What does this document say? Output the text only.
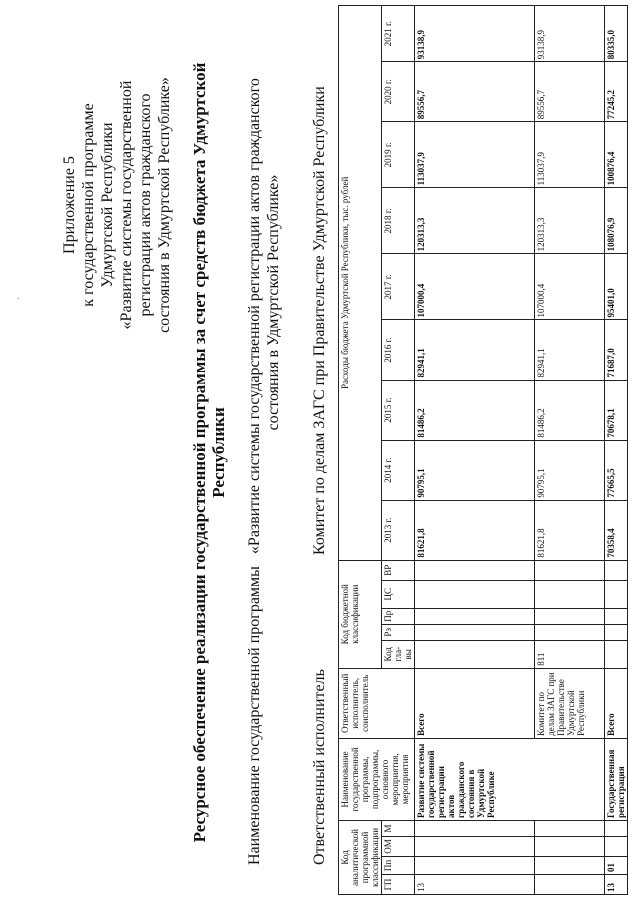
·
Приложение 5 к государственной программе Удмуртской Республики «Развитие системы государственной регистрации актов гражданского состояния в Удмуртской Республике» Ресурсное обеспечение реализации государственной программы за счет средств бюджета Удмуртской Республики
Наименование государственной программы «Развитие системы государственной регистрации актов гражданского состояния в Удмуртской Республике»
Ответственный исполнитель
Комитет по делам ЗАГС при Правительстве Удмуртской Республики
Код аналитической программной классификации				Наименование государственной программы, подпрограммы, основного мероприятия, мероприятия	Ответственный исполнитель, соисполнитель	Код бюджетной классификации					Расходы бюджета Удмуртской Республики, тыс. рублей								
ГП	Пп	ОМ	М			Код гла- вы	Рз	Пр	ЦС	ВР	2013 г.	2014 г.	2015 г.	2016 г.	2017 г.	2018 г.	2019 г.	2020 г.	2021 г.
13				Развитие системы государственной регистрации актов гражданского состояния в Удмуртской Республике	Всего						81621,8	90795,1	81486,2	82941,1	107000,4	120313,3	113037,9	89556,7	93138,9
					Комитет по делам ЗАГС при Правительстве Удмуртской Республики	811					81621,8	90795,1	81486,2	82941,1	107000,4	120313,3	113037,9	89556,7	93138,9
13	01			Государственная регистрация	Всего						70358,4	77665,5	70678,1	71687,0	95401,0	108076,9	100876,4	77245,2	80335,0
